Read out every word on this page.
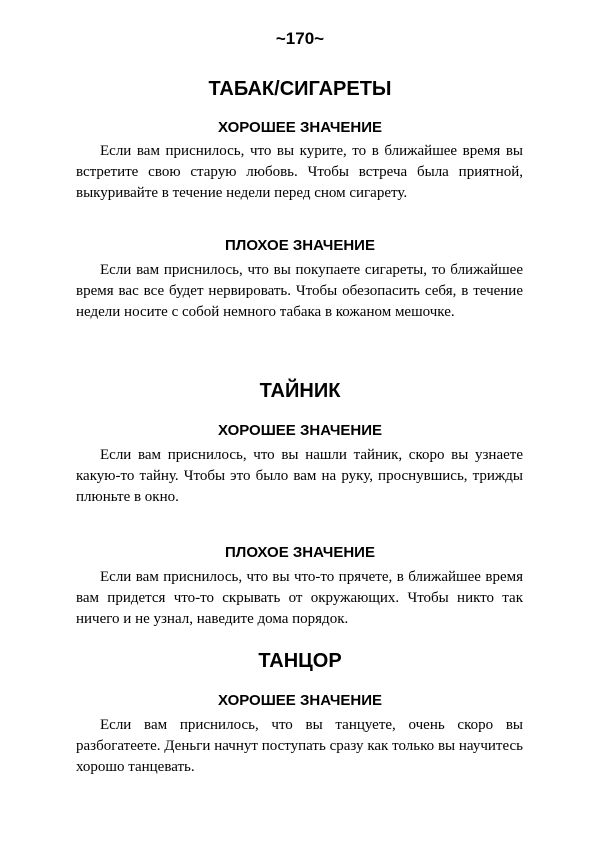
~170~
ТАБАК/СИГАРЕТЫ
ХОРОШЕЕ ЗНАЧЕНИЕ

Если вам приснилось, что вы курите, то в ближайшее время вы встретите свою старую любовь. Чтобы встреча была приятной, выкуривайте в течение недели перед сном сигарету.

ПЛОХОЕ ЗНАЧЕНИЕ

Если вам приснилось, что вы покупаете сигареты, то ближайшее время вас все будет нервировать. Чтобы обезопасить себя, в течение недели носите с собой немного табака в кожаном мешочке.

ТАЙНИК
ХОРОШЕЕ ЗНАЧЕНИЕ

Если вам приснилось, что вы нашли тайник, скоро вы узнаете какую-то тайну. Чтобы это было вам на руку, проснувшись, трижды плюньте в окно.

ПЛОХОЕ ЗНАЧЕНИЕ

Если вам приснилось, что вы что-то прячете, в ближайшее время вам придется что-то скрывать от окружающих. Чтобы никто так ничего и не узнал, наведите дома порядок.

ТАНЦОР
ХОРОШЕЕ ЗНАЧЕНИЕ

Если вам приснилось, что вы танцуете, очень скоро вы разбогатеете. Деньги начнут поступать сразу как только вы научитесь хорошо танцевать.
